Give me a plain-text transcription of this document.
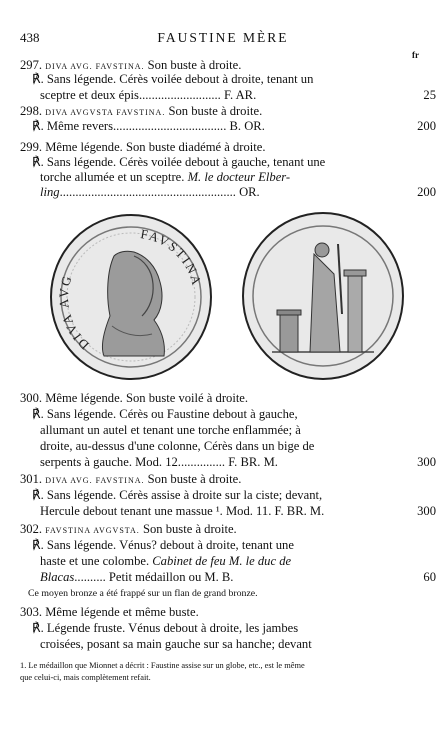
438	FAUSTINE MÈRE
fr
297. DIVA AVG. FAVSTINA. Son buste à droite.
℟. Sans légende. Cérès voilée debout à droite, tenant un
sceptre et deux épis.......................... F. AR.	25
298. DIVA AVGVSTA FAVSTINA. Son buste à droite.
℟. Même revers.................................... B. OR.	200
299. Même légende. Son buste diadémé à droite.
℟. Sans légende. Cérès voilée debout à gauche, tenant une
torche allumée et un sceptre. M. le docteur Elber-
ling........................................................ OR.	200
DIVA AVG
FAVSTINA
300. Même légende. Son buste voilé à droite.
℟. Sans légende. Cérès ou Faustine debout à gauche,
allumant un autel et tenant une torche enflammée; à
droite, au-dessus d'une colonne, Cérès dans un bige de
serpents à gauche. Mod. 12............... F. BR. M.	300
301. DIVA AVG. FAVSTINA. Son buste à droite.
℟. Sans légende. Cérès assise à droite sur la ciste; devant,
Hercule debout tenant une massue ¹. Mod. 11. F. BR. M.	300
302. FAVSTINA AVGVSTA. Son buste à droite.
℟. Sans légende. Vénus? debout à droite, tenant une
haste et une colombe. Cabinet de feu M. le duc de
Blacas.......... Petit médaillon ou M. B.	60
Ce moyen bronze a été frappé sur un flan de grand bronze.
303. Même légende et même buste.
℟. Légende fruste. Vénus debout à droite, les jambes
croisées, posant sa main gauche sur sa hanche; devant
1. Le médaillon que Mionnet a décrit : Faustine assise sur un globe, etc., est le même
que celui-ci, mais complètement refait.
